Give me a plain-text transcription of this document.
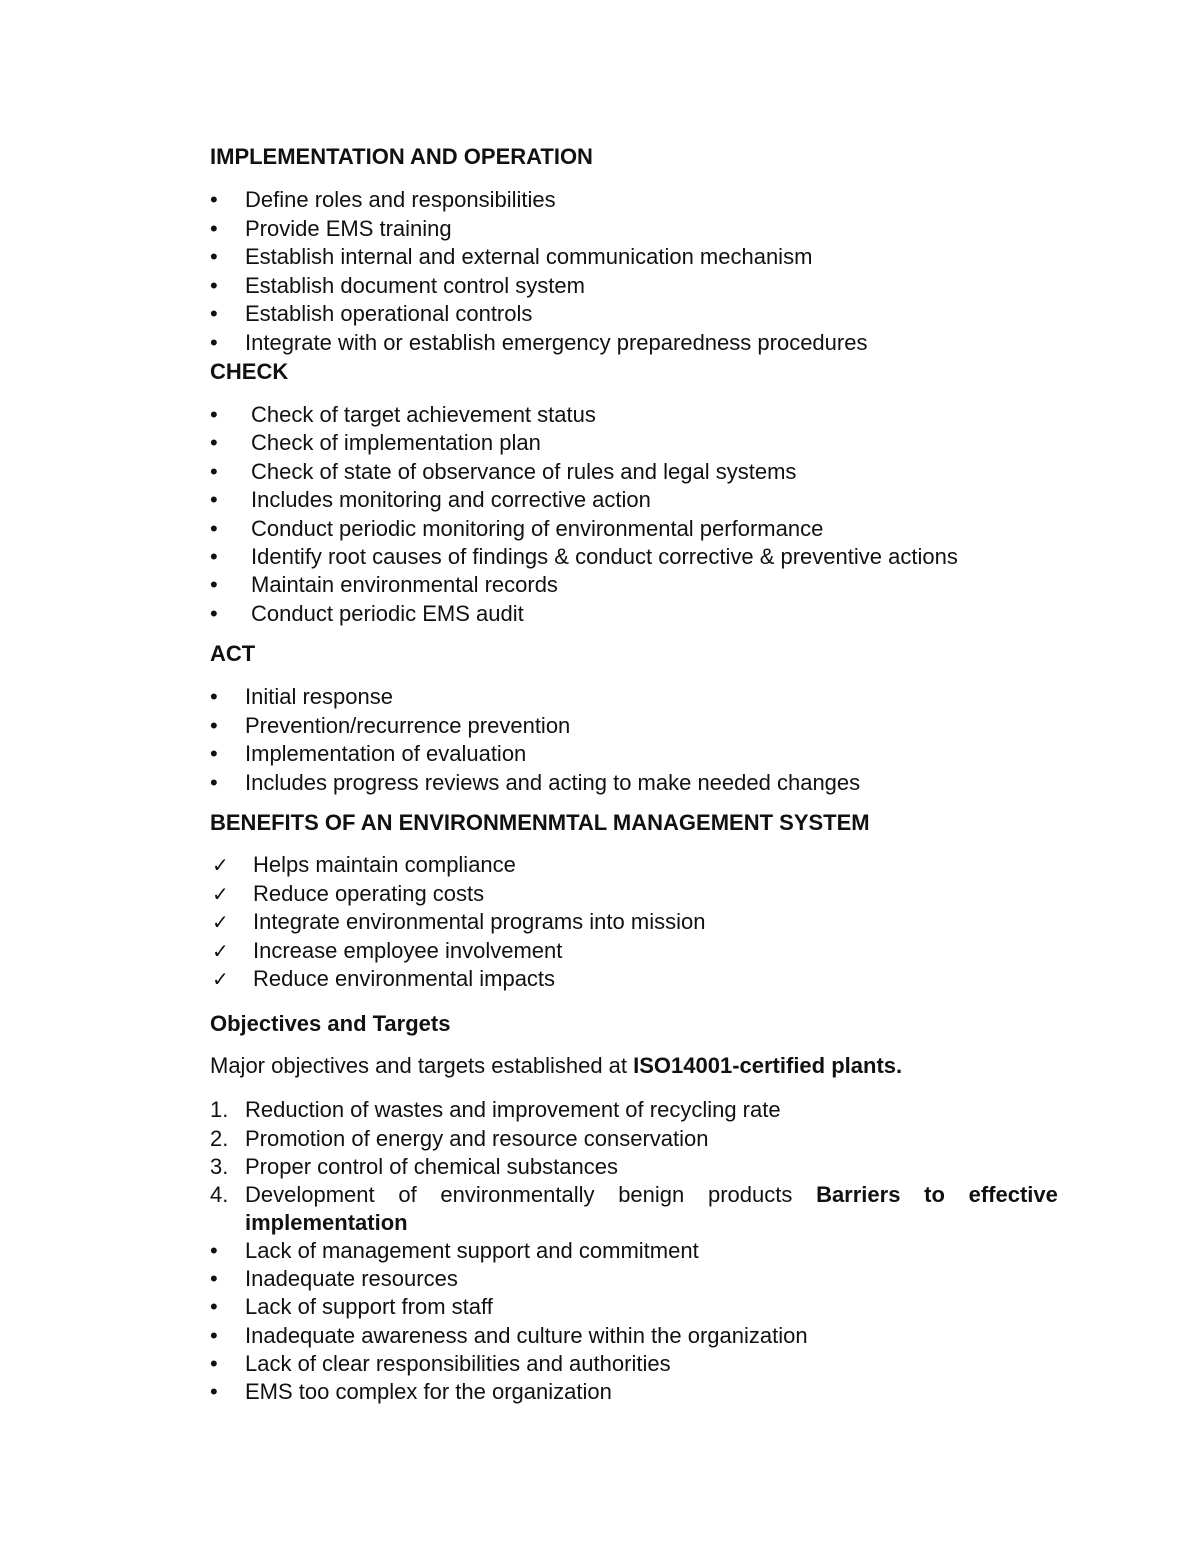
IMPLEMENTATION AND OPERATION
• Define roles and responsibilities
• Provide EMS training
• Establish internal and external communication mechanism
• Establish document control system
• Establish operational controls
• Integrate with or establish emergency preparedness procedures
CHECK
• Check of target achievement status
• Check of implementation plan
• Check of state of observance of rules and legal systems
• Includes monitoring and corrective action
• Conduct periodic monitoring of environmental performance
• Identify root causes of findings & conduct corrective & preventive actions
• Maintain environmental records
• Conduct periodic EMS audit
ACT
• Initial response
• Prevention/recurrence prevention
• Implementation of evaluation
• Includes progress reviews and acting to make needed changes
BENEFITS OF AN ENVIRONMENMTAL MANAGEMENT SYSTEM
✓ Helps maintain compliance
✓ Reduce operating costs
✓ Integrate environmental programs into mission
✓ Increase employee involvement
✓ Reduce environmental impacts
Objectives and Targets
Major objectives and targets established at ISO14001-certified plants.
1. Reduction of wastes and improvement of recycling rate
2. Promotion of energy and resource conservation
3. Proper control of chemical substances
4. Development of environmentally benign products Barriers to effective
implementation
• Lack of management support and commitment
• Inadequate resources
• Lack of support from staff
• Inadequate awareness and culture within the organization
• Lack of clear responsibilities and authorities
• EMS too complex for the organization
